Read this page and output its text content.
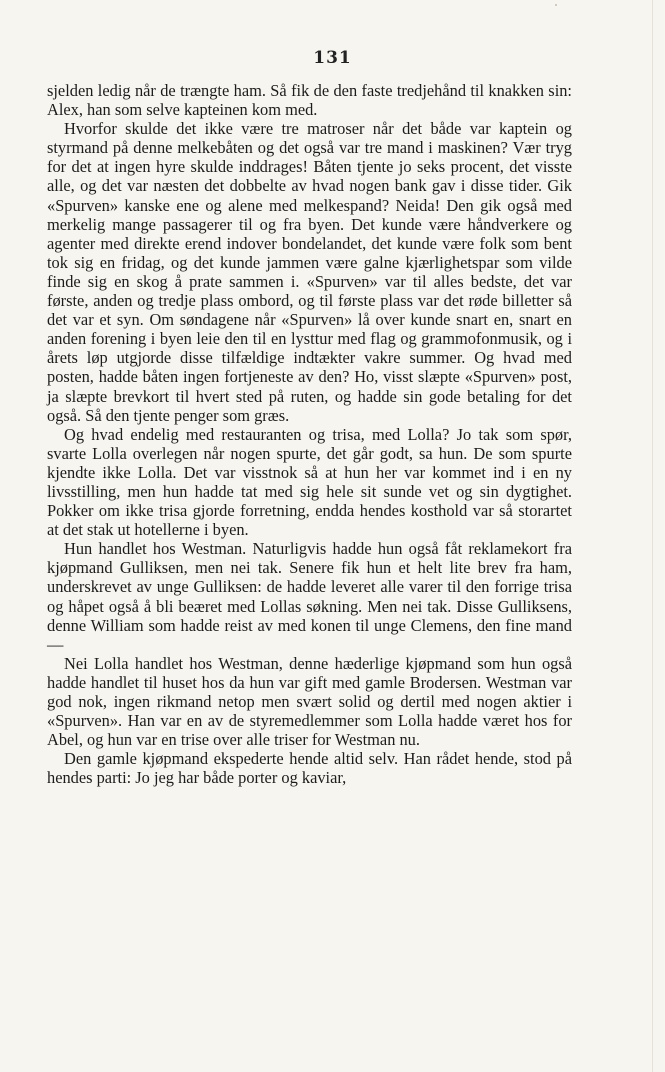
131

sjelden ledig når de trængte ham. Så fik de den faste tredjehånd til knakken sin: Alex, han som selve kapteinen kom med.

Hvorfor skulde det ikke være tre matroser når det både var kaptein og styrmand på denne melkebåten og det også var tre mand i maskinen? Vær tryg for det at ingen hyre skulde inddrages! Båten tjente jo seks procent, det visste alle, og det var næsten det dobbelte av hvad nogen bank gav i disse tider. Gik «Spurven» kanske ene og alene med melkespand? Neida! Den gik også med merkelig mange passagerer til og fra byen. Det kunde være håndverkere og agenter med direkte erend indover bondelandet, det kunde være folk som bent tok sig en fridag, og det kunde jammen være galne kjærlighetspar som vilde finde sig en skog å prate sammen i. «Spurven» var til alles bedste, det var første, anden og tredje plass ombord, og til første plass var det røde billetter så det var et syn. Om søndagene når «Spurven» lå over kunde snart en, snart en anden forening i byen leie den til en lysttur med flag og grammofonmusik, og i årets løp utgjorde disse tilfældige indtækter vakre summer. Og hvad med posten, hadde båten ingen fortjeneste av den? Ho, visst slæpte «Spurven» post, ja slæpte brevkort til hvert sted på ruten, og hadde sin gode betaling for det også. Så den tjente penger som græs.

Og hvad endelig med restauranten og trisa, med Lolla? Jo tak som spør, svarte Lolla overlegen når nogen spurte, det går godt, sa hun. De som spurte kjendte ikke Lolla. Det var visstnok så at hun her var kommet ind i en ny livsstilling, men hun hadde tat med sig hele sit sunde vet og sin dygtighet. Pokker om ikke trisa gjorde forretning, endda hendes kosthold var så storartet at det stak ut hotellerne i byen.

Hun handlet hos Westman. Naturligvis hadde hun også fåt reklamekort fra kjøpmand Gulliksen, men nei tak. Senere fik hun et helt lite brev fra ham, underskrevet av unge Gulliksen: de hadde leveret alle varer til den forrige trisa og håpet også å bli beæret med Lollas søkning. Men nei tak. Disse Gulliksens, denne William som hadde reist av med konen til unge Clemens, den fine mand —

Nei Lolla handlet hos Westman, denne hæderlige kjøpmand som hun også hadde handlet til huset hos da hun var gift med gamle Brodersen. Westman var god nok, ingen rikmand netop men svært solid og dertil med nogen aktier i «Spurven». Han var en av de styremedlemmer som Lolla hadde været hos for Abel, og hun var en trise over alle triser for Westman nu.

Den gamle kjøpmand ekspederte hende altid selv. Han rådet hende, stod på hendes parti: Jo jeg har både porter og kaviar,
